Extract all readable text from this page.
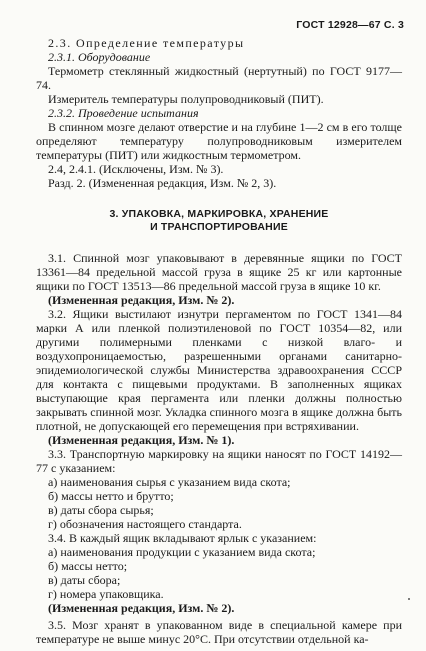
ГОСТ 12928—67 С. 3

2.3. Определение температуры

2.3.1. Оборудование

Термометр стеклянный жидкостный (нертутный) по ГОСТ 9177—74.

Измеритель температуры полупроводниковый (ПИТ).

2.3.2. Проведение испытания

В спинном мозге делают отверстие и на глубине 1—2 см в его толще определяют температуру полупроводниковым измерителем температуры (ПИТ) или жидкостным термометром.

2.4, 2.4.1. (Исключены, Изм. № 3).

Разд. 2. (Измененная редакция, Изм. № 2, 3).

3. УПАКОВКА, МАРКИРОВКА, ХРАНЕНИЕ
И ТРАНСПОРТИРОВАНИЕ

3.1. Спинной мозг упаковывают в деревянные ящики по ГОСТ 13361—84 предельной массой груза в ящике 25 кг или картонные ящики по ГОСТ 13513—86 предельной массой груза в ящике 10 кг.

(Измененная редакция, Изм. № 2).

3.2. Ящики выстилают изнутри пергаментом по ГОСТ 1341—84 марки А или пленкой полиэтиленовой по ГОСТ 10354—82, или другими полимерными пленками с низкой влаго- и воздухопроницаемостью, разрешенными органами санитарно-эпидемиологической службы Министерства здравоохранения СССР для контакта с пищевыми продуктами. В заполненных ящиках выступающие края пергамента или пленки должны полностью закрывать спинной мозг. Укладка спинного мозга в ящике должна быть плотной, не допускающей его перемещения при встряхивании.

(Измененная редакция, Изм. № 1).

3.3. Транспортную маркировку на ящики наносят по ГОСТ 14192—77 с указанием:

а) наименования сырья с указанием вида скота;

б) массы нетто и брутто;

в) даты сбора сырья;

г) обозначения настоящего стандарта.

3.4. В каждый ящик вкладывают ярлык с указанием:

а) наименования продукции с указанием вида скота;

б) массы нетто;

в) даты сбора;

г) номера упаковщика.

(Измененная редакция, Изм. № 2).

3.5. Мозг хранят в упакованном виде в специальной камере при температуре не выше минус 20°С. При отсутствии отдельной ка-
